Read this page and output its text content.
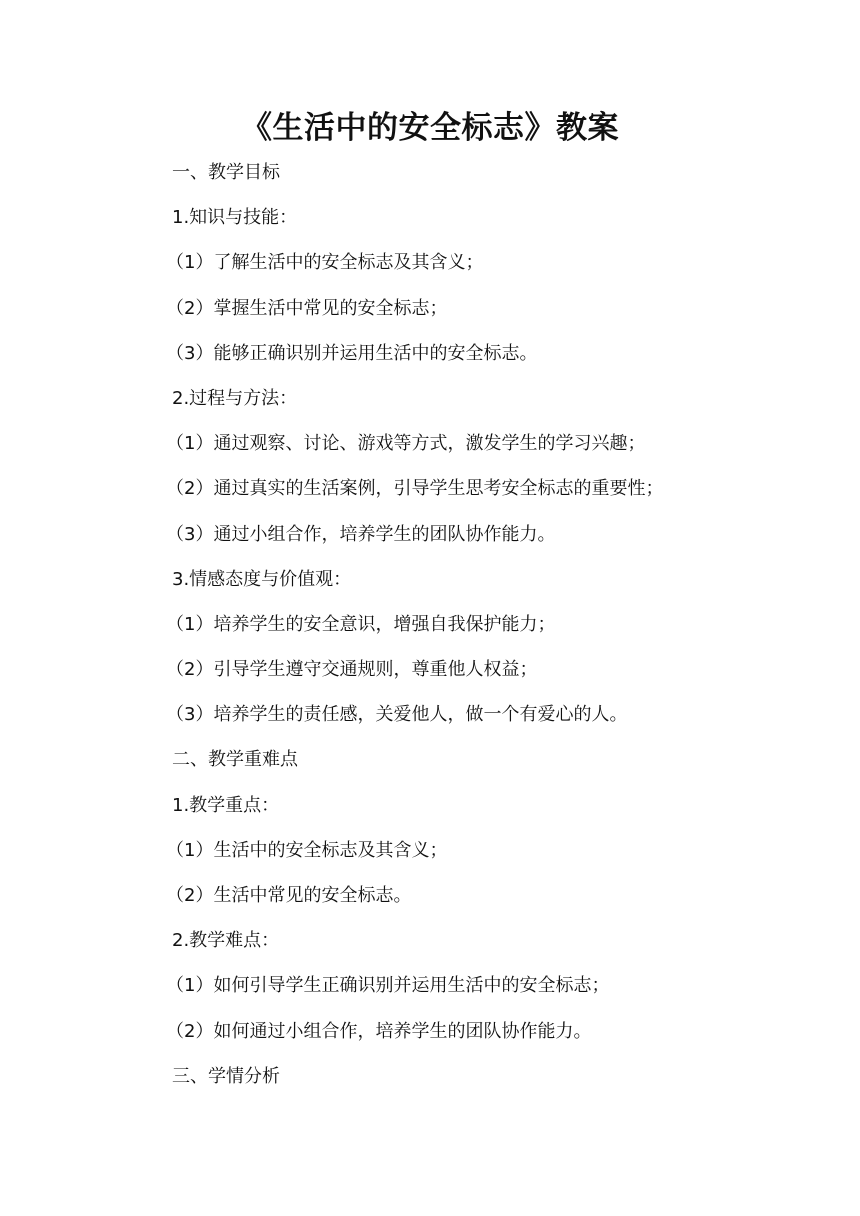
《生活中的安全标志》教案
一、教学目标
1.知识与技能：
（1）了解生活中的安全标志及其含义；
（2）掌握生活中常见的安全标志；
（3）能够正确识别并运用生活中的安全标志。
2.过程与方法：
（1）通过观察、讨论、游戏等方式，激发学生的学习兴趣；
（2）通过真实的生活案例，引导学生思考安全标志的重要性；
（3）通过小组合作，培养学生的团队协作能力。
3.情感态度与价值观：
（1）培养学生的安全意识，增强自我保护能力；
（2）引导学生遵守交通规则，尊重他人权益；
（3）培养学生的责任感，关爱他人，做一个有爱心的人。
二、教学重难点
1.教学重点：
（1）生活中的安全标志及其含义；
（2）生活中常见的安全标志。
2.教学难点：
（1）如何引导学生正确识别并运用生活中的安全标志；
（2）如何通过小组合作，培养学生的团队协作能力。
三、学情分析
